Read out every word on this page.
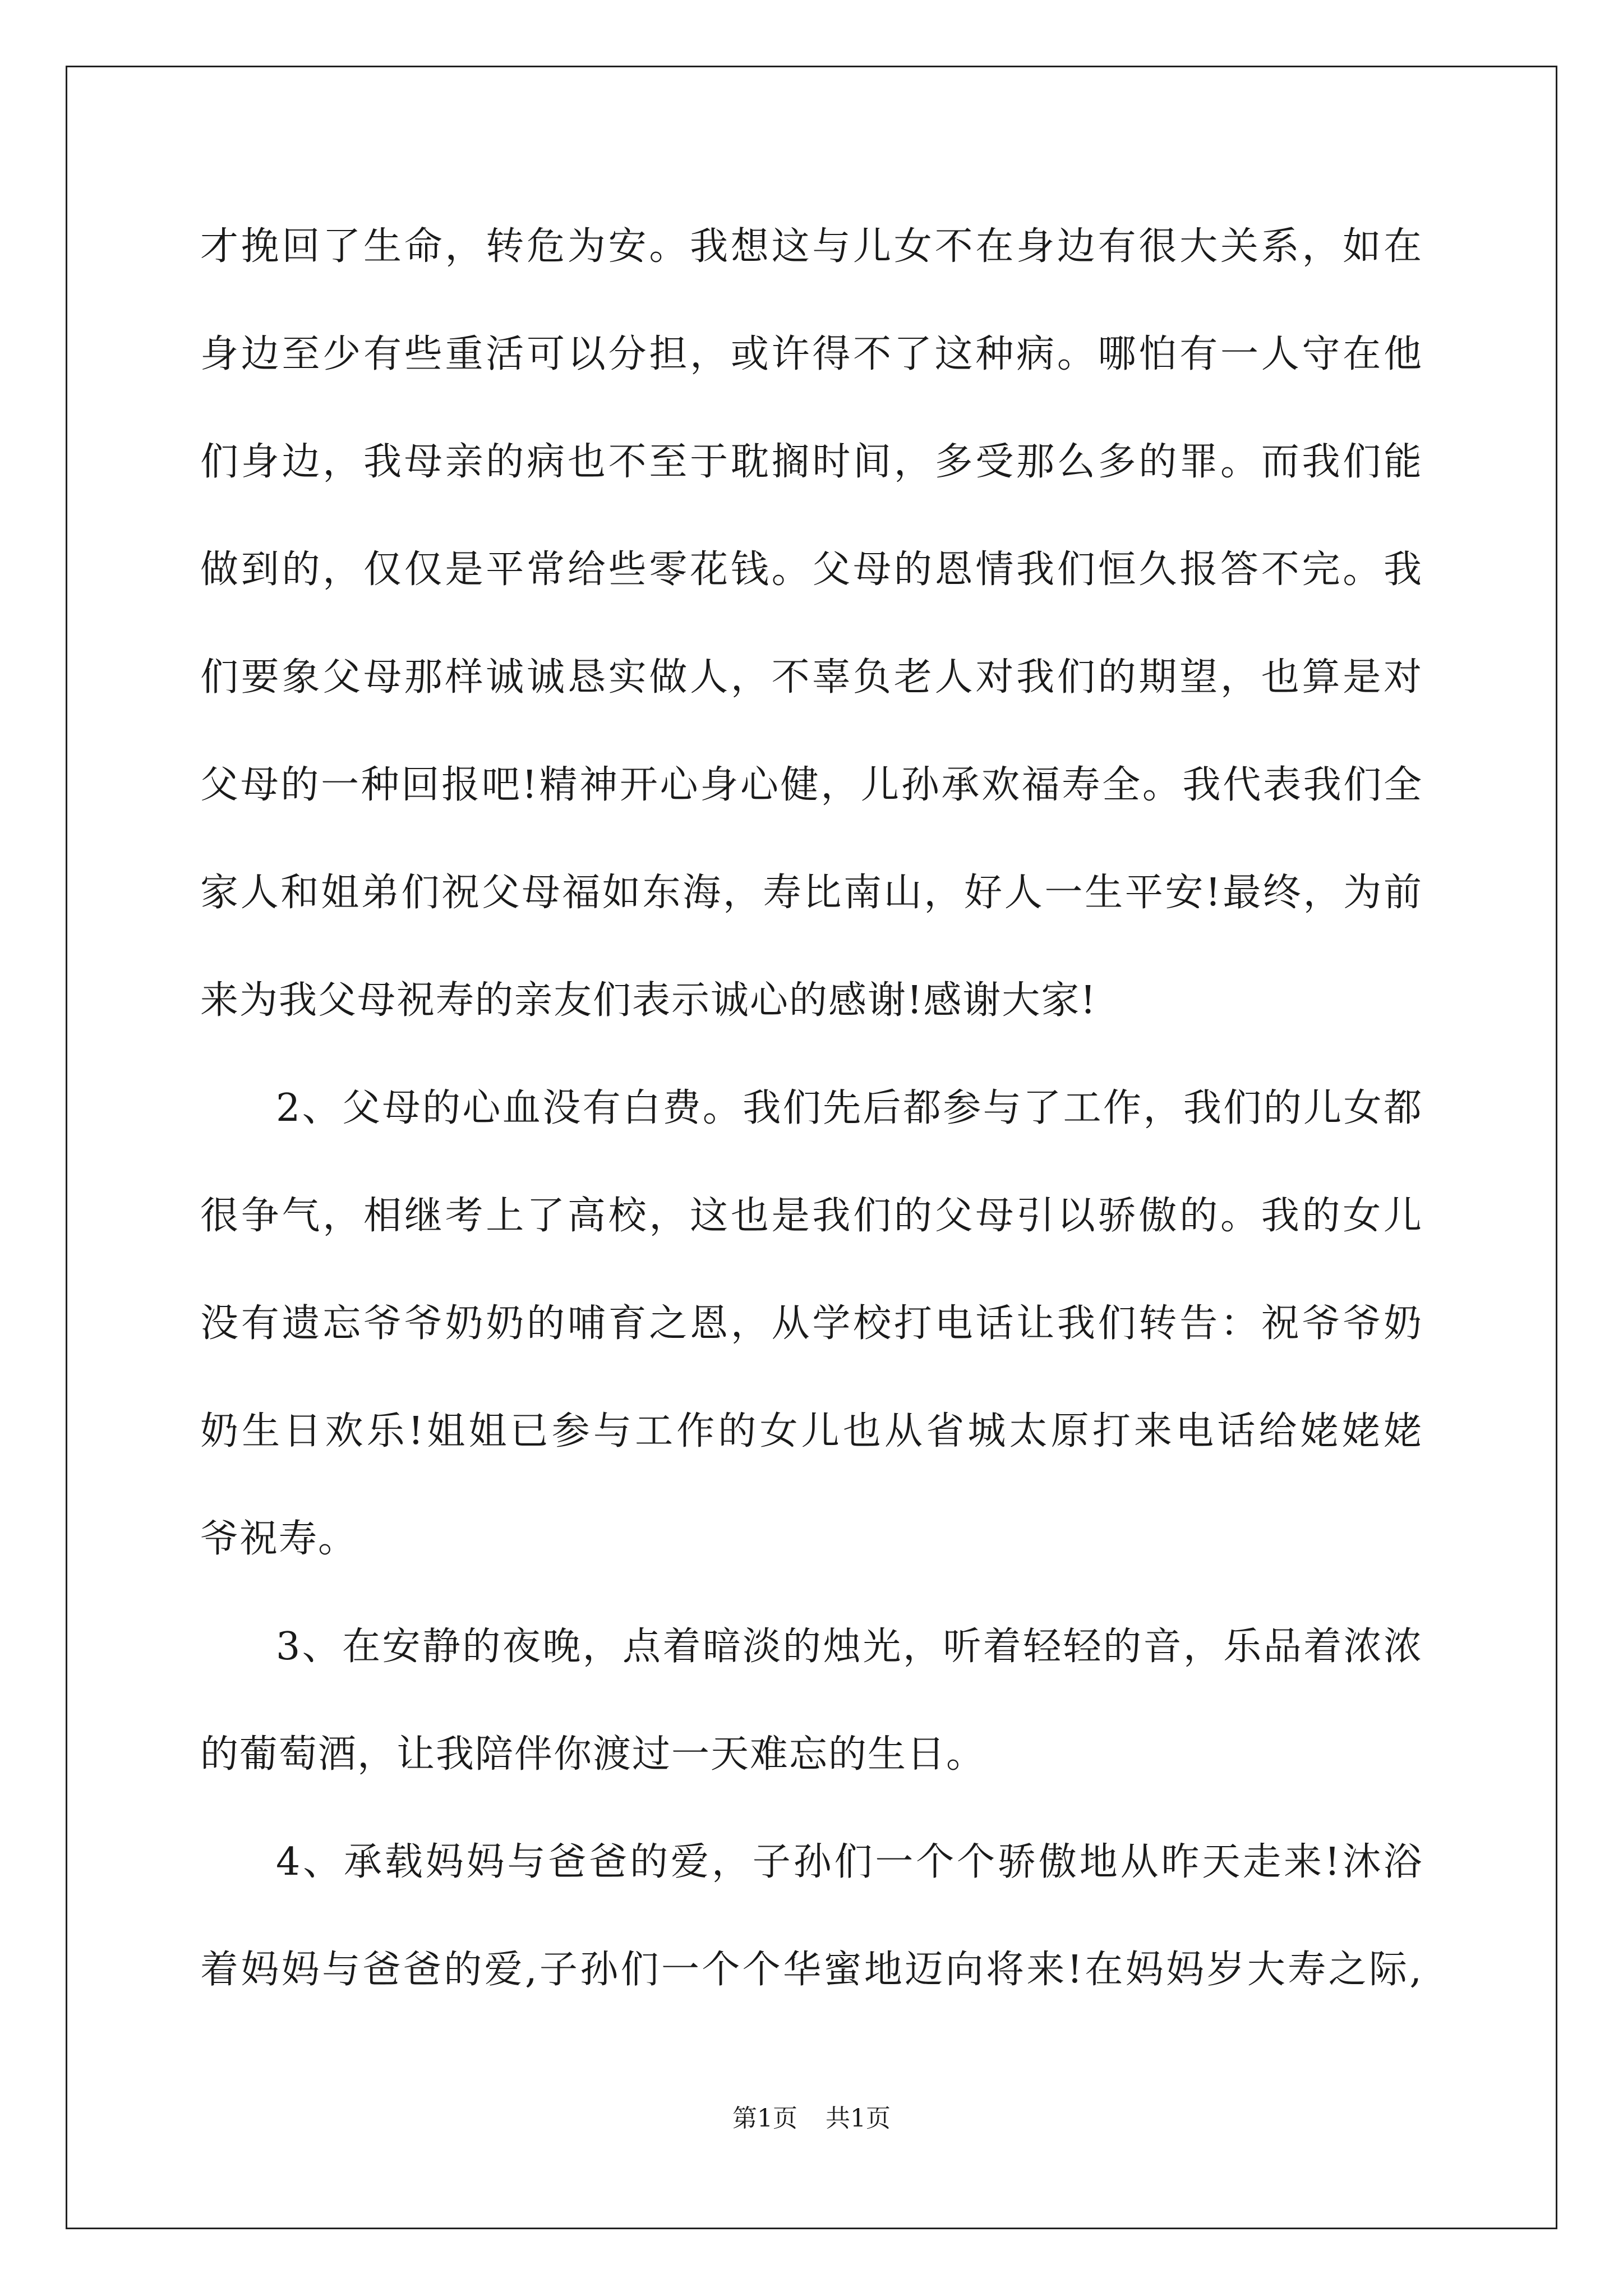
才挽回了生命，转危为安。我想这与儿女不在身边有很大关系，如在
身边至少有些重活可以分担，或许得不了这种病。哪怕有一人守在他
们身边，我母亲的病也不至于耽搁时间，多受那么多的罪。而我们能
做到的，仅仅是平常给些零花钱。父母的恩情我们恒久报答不完。我
们要象父母那样诚诚恳实做人，不辜负老人对我们的期望，也算是对
父母的一种回报吧!精神开心身心健，儿孙承欢福寿全。我代表我们全
家人和姐弟们祝父母福如东海，寿比南山，好人一生平安!最终，为前
来为我父母祝寿的亲友们表示诚心的感谢!感谢大家!
2、父母的心血没有白费。我们先后都参与了工作，我们的儿女都
很争气，相继考上了高校，这也是我们的父母引以骄傲的。我的女儿
没有遗忘爷爷奶奶的哺育之恩，从学校打电话让我们转告：祝爷爷奶
奶生日欢乐!姐姐已参与工作的女儿也从省城太原打来电话给姥姥姥
爷祝寿。
3、在安静的夜晚，点着暗淡的烛光，听着轻轻的音，乐品着浓浓
的葡萄酒，让我陪伴你渡过一天难忘的生日。
4、承载妈妈与爸爸的爱，子孙们一个个骄傲地从昨天走来!沐浴
着妈妈与爸爸的爱,子孙们一个个华蜜地迈向将来!在妈妈岁大寿之际,
第1页 共1页
